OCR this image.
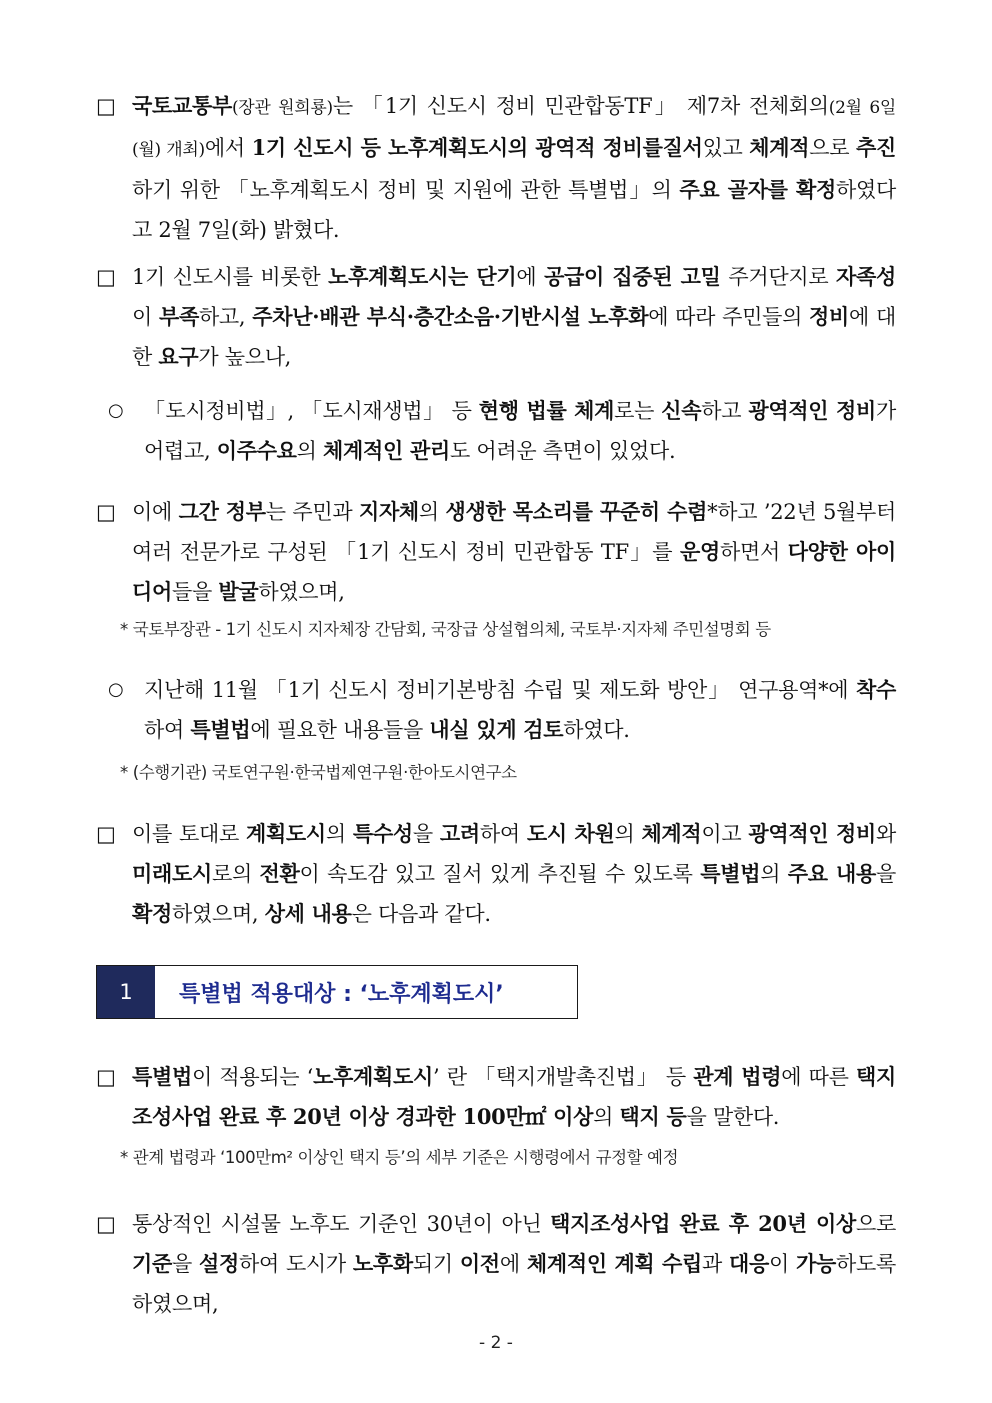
□ 국토교통부(장관 원희룡)는 「1기 신도시 정비 민관합동TF」 제7차 전체회의(2월 6일(월) 개최)에서 1기 신도시 등 노후계획도시의 광역적 정비를질서있고 체계적으로 추진하기 위한 「노후계획도시 정비 및 지원에 관한 특별법」의 주요 골자를 확정하였다고 2월 7일(화) 밝혔다.
□ 1기 신도시를 비롯한 노후계획도시는 단기에 공급이 집중된 고밀 주거단지로 자족성이 부족하고, 주차난·배관 부식·층간소음·기반시설 노후화에 따라 주민들의 정비에 대한 요구가 높으나,
○ 「도시정비법」, 「도시재생법」 등 현행 법률 체계로는 신속하고 광역적인 정비가 어렵고, 이주수요의 체계적인 관리도 어려운 측면이 있었다.
□ 이에 그간 정부는 주민과 지자체의 생생한 목소리를 꾸준히 수렴*하고 ’22년 5월부터 여러 전문가로 구성된 「1기 신도시 정비 민관합동 TF」를 운영하면서 다양한 아이디어들을 발굴하였으며,
* 국토부장관 - 1기 신도시 지자체장 간담회, 국장급 상설협의체, 국토부·지자체 주민설명회 등
○ 지난해 11월 「1기 신도시 정비기본방침 수립 및 제도화 방안」 연구용역*에 착수하여 특별법에 필요한 내용들을 내실 있게 검토하였다.
* (수행기관) 국토연구원·한국법제연구원·한아도시연구소
□ 이를 토대로 계획도시의 특수성을 고려하여 도시 차원의 체계적이고 광역적인 정비와 미래도시로의 전환이 속도감 있고 질서 있게 추진될 수 있도록 특별법의 주요 내용을 확정하였으며, 상세 내용은 다음과 같다.
1	특별법 적용대상 : ‘노후계획도시’
□ 특별법이 적용되는 ‘노후계획도시’ 란 「택지개발촉진법」 등 관계 법령에 따른 택지조성사업 완료 후 20년 이상 경과한 100만㎡ 이상의 택지 등을 말한다.
* 관계 법령과 ‘100만m² 이상인 택지 등’의 세부 기준은 시행령에서 규정할 예정
□ 통상적인 시설물 노후도 기준인 30년이 아닌 택지조성사업 완료 후 20년 이상으로 기준을 설정하여 도시가 노후화되기 이전에 체계적인 계획 수립과 대응이 가능하도록 하였으며,
- 2 -
